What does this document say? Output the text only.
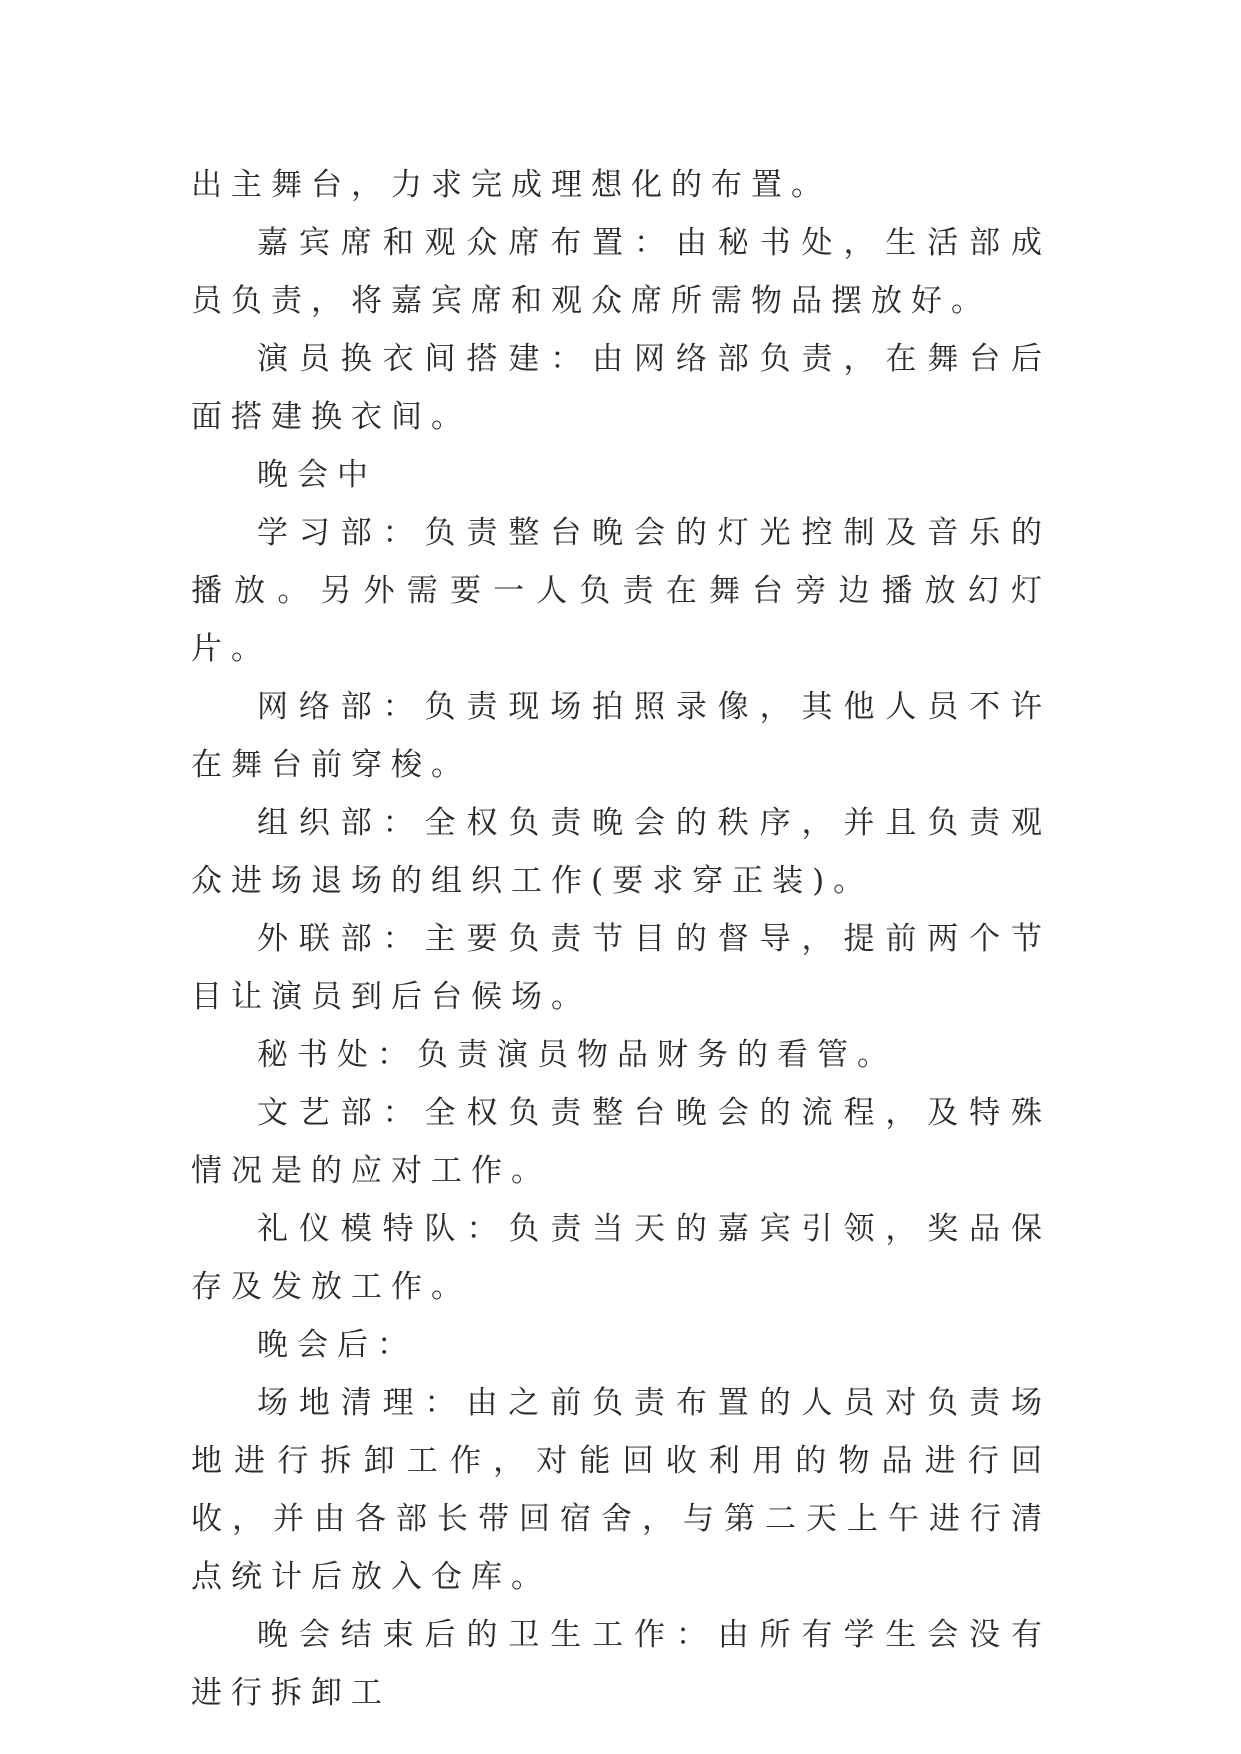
出主舞台，力求完成理想化的布置。

嘉宾席和观众席布置：由秘书处，生活部成员负责，将嘉宾席和观众席所需物品摆放好。

演员换衣间搭建：由网络部负责，在舞台后面搭建换衣间。

晚会中

学习部：负责整台晚会的灯光控制及音乐的播放。另外需要一人负责在舞台旁边播放幻灯片。

网络部：负责现场拍照录像，其他人员不许在舞台前穿梭。

组织部：全权负责晚会的秩序，并且负责观众进场退场的组织工作(要求穿正装)。

外联部：主要负责节目的督导，提前两个节目让演员到后台候场。

秘书处：负责演员物品财务的看管。

文艺部：全权负责整台晚会的流程，及特殊情况是的应对工作。

礼仪模特队：负责当天的嘉宾引领，奖品保存及发放工作。

晚会后：

场地清理：由之前负责布置的人员对负责场地进行拆卸工作，对能回收利用的物品进行回收，并由各部长带回宿舍，与第二天上午进行清点统计后放入仓库。

晚会结束后的卫生工作：由所有学生会没有进行拆卸工
